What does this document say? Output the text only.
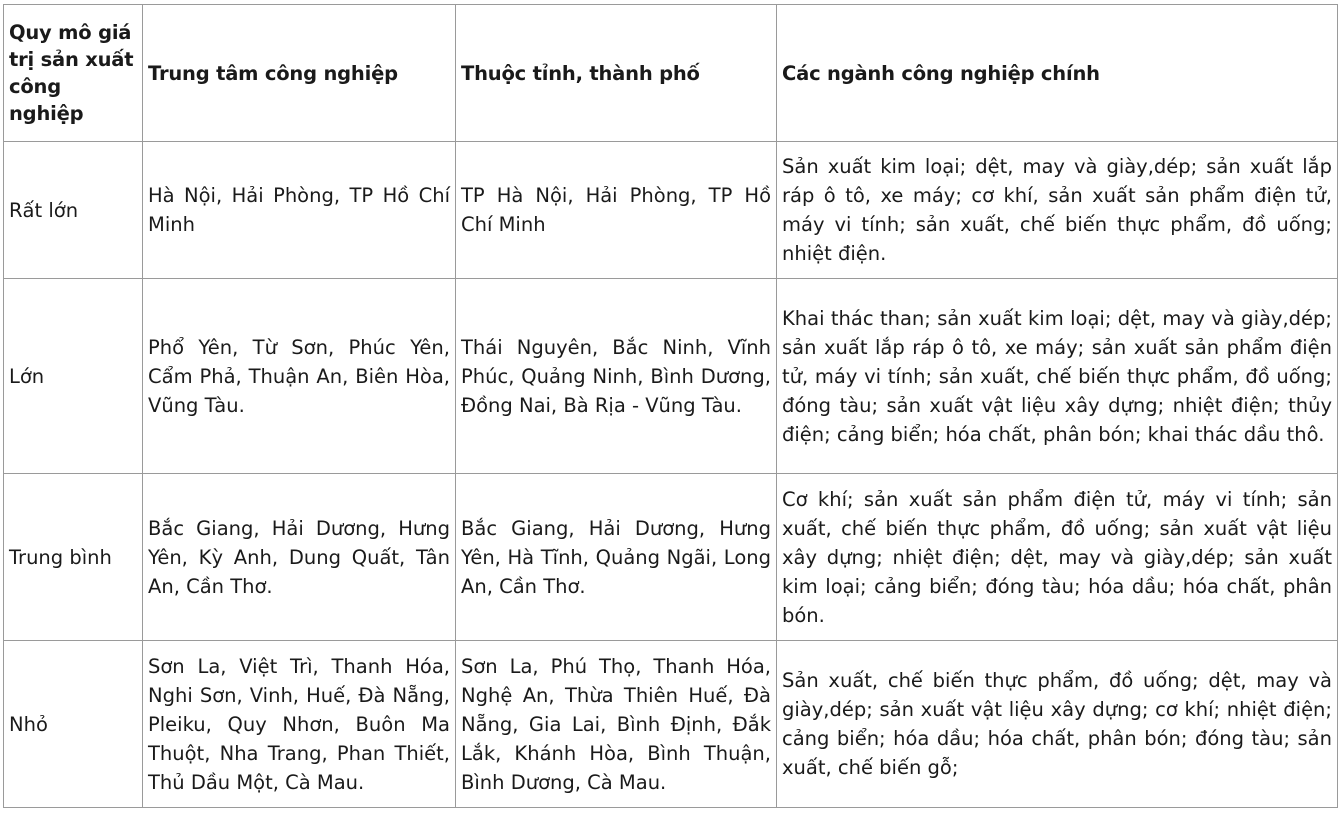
Quy mô giá trị sản xuất công nghiệp	Trung tâm công nghiệp	Thuộc tỉnh, thành phố	Các ngành công nghiệp chính
Rất lớn	Hà Nội, Hải Phòng, TP Hồ Chí Minh	TP Hà Nội, Hải Phòng, TP Hồ Chí Minh	Sản xuất kim loại; dệt, may và giày,dép; sản xuất lắp ráp ô tô, xe máy; cơ khí, sản xuất sản phẩm điện tử, máy vi tính; sản xuất, chế biến thực phẩm, đồ uống; nhiệt điện.
Lớn	Phổ Yên, Từ Sơn, Phúc Yên, Cẩm Phả, Thuận An, Biên Hòa, Vũng Tàu.	Thái Nguyên, Bắc Ninh, Vĩnh Phúc, Quảng Ninh, Bình Dương, Đồng Nai, Bà Rịa - Vũng Tàu.	Khai thác than; sản xuất kim loại; dệt, may và giày,dép; sản xuất lắp ráp ô tô, xe máy; sản xuất sản phẩm điện tử, máy vi tính; sản xuất, chế biến thực phẩm, đồ uống; đóng tàu; sản xuất vật liệu xây dựng; nhiệt điện; thủy điện; cảng biển; hóa chất, phân bón; khai thác dầu thô.
Trung bình	Bắc Giang, Hải Dương, Hưng Yên, Kỳ Anh, Dung Quất, Tân An, Cần Thơ.	Bắc Giang, Hải Dương, Hưng Yên, Hà Tĩnh, Quảng Ngãi, Long An, Cần Thơ.	Cơ khí; sản xuất sản phẩm điện tử, máy vi tính; sản xuất, chế biến thực phẩm, đồ uống; sản xuất vật liệu xây dựng; nhiệt điện; dệt, may và giày,dép; sản xuất kim loại; cảng biển; đóng tàu; hóa dầu; hóa chất, phân bón.
Nhỏ	Sơn La, Việt Trì, Thanh Hóa, Nghi Sơn, Vinh, Huế, Đà Nẵng, Pleiku, Quy Nhơn, Buôn Ma Thuột, Nha Trang, Phan Thiết, Thủ Dầu Một, Cà Mau.	Sơn La, Phú Thọ, Thanh Hóa, Nghệ An, Thừa Thiên Huế, Đà Nẵng, Gia Lai, Bình Định, Đắk Lắk, Khánh Hòa, Bình Thuận, Bình Dương, Cà Mau.	Sản xuất, chế biến thực phẩm, đồ uống; dệt, may và giày,dép; sản xuất vật liệu xây dựng; cơ khí; nhiệt điện; cảng biển; hóa dầu; hóa chất, phân bón; đóng tàu; sản xuất, chế biến gỗ;
